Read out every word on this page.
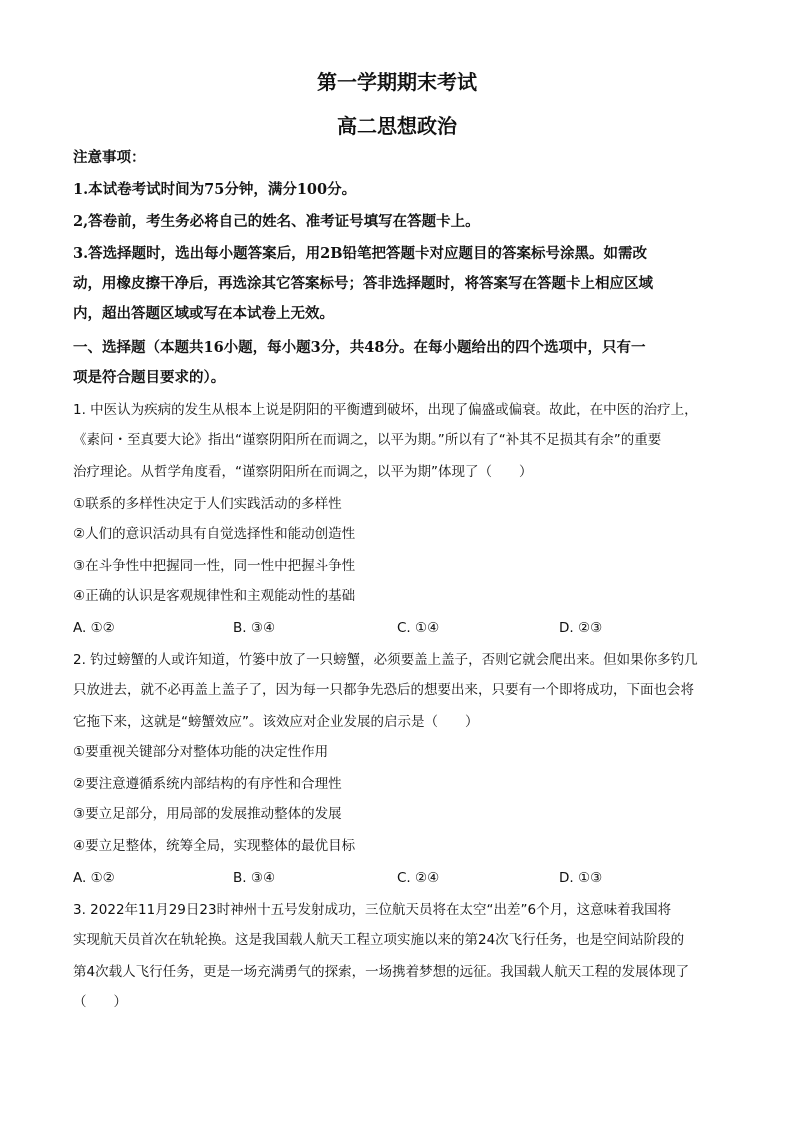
第一学期期末考试
高二思想政治
注意事项：
1.本试卷考试时间为75分钟，满分100分。
2,答卷前，考生务必将自己的姓名、准考证号填写在答题卡上。
3.答选择题时，选出每小题答案后，用2B铅笔把答题卡对应题目的答案标号涂黑。如需改
动，用橡皮擦干净后，再选涂其它答案标号；答非选择题时，将答案写在答题卡上相应区域
内，超出答题区域或写在本试卷上无效。
一、选择题（本题共16小题，每小题3分，共48分。在每小题给出的四个选项中，只有一
项是符合题目要求的）。
1. 中医认为疾病的发生从根本上说是阴阳的平衡遭到破坏，出现了偏盛或偏衰。故此，在中医的治疗上，
《素问・至真要大论》指出“谨察阴阳所在而调之，以平为期。”所以有了“补其不足损其有余”的重要
治疗理论。从哲学角度看，“谨察阴阳所在而调之，以平为期”体现了（　　）
①联系的多样性决定于人们实践活动的多样性
②人们的意识活动具有自觉选择性和能动创造性
③在斗争性中把握同一性，同一性中把握斗争性
④正确的认识是客观规律性和主观能动性的基础
A. ①②	B. ③④	C. ①④	D. ②③
2. 钓过螃蟹的人或许知道，竹篓中放了一只螃蟹，必须要盖上盖子，否则它就会爬出来。但如果你多钓几
只放进去，就不必再盖上盖子了，因为每一只都争先恐后的想要出来，只要有一个即将成功，下面也会将
它拖下来，这就是“螃蟹效应”。该效应对企业发展的启示是（　　）
①要重视关键部分对整体功能的决定性作用
②要注意遵循系统内部结构的有序性和合理性
③要立足部分，用局部的发展推动整体的发展
④要立足整体，统筹全局，实现整体的最优目标
A. ①②	B. ③④	C. ②④	D. ①③
3. 2022年11月29日23时神州十五号发射成功，三位航天员将在太空“出差”6个月，这意味着我国将
实现航天员首次在轨轮换。这是我国载人航天工程立项实施以来的第24次飞行任务，也是空间站阶段的
第4次载人飞行任务，更是一场充满勇气的探索，一场携着梦想的远征。我国载人航天工程的发展体现了
（　　）
